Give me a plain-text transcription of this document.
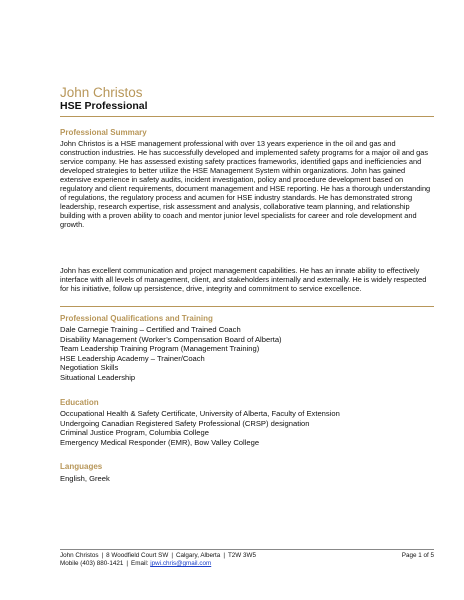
John Christos
HSE Professional
Professional Summary

John Christos is a HSE management professional with over 13 years experience in the oil and gas and construction industries. He has successfully developed and implemented safety programs for a major oil and gas service company. He has assessed existing safety practices frameworks, identified gaps and inefficiencies and developed strategies to better utilize the HSE Management System within organizations. John has gained extensive experience in safety audits, incident investigation, policy and procedure development based on regulatory and client requirements, document management and HSE reporting. He has a thorough understanding of regulations, the regulatory process and acumen for HSE industry standards. He has demonstrated strong leadership, research expertise, risk assessment and analysis, collaborative team planning, and relationship building with a proven ability to coach and mentor junior level specialists for career and role development and growth.

John has excellent communication and project management capabilities. He has an innate ability to effectively interface with all levels of management, client, and stakeholders internally and externally. He is widely respected for his initiative, follow up persistence, drive, integrity and commitment to service excellence.

Professional Qualifications and Training
Dale Carnegie Training – Certified and Trained Coach
Disability Management (Worker’s Compensation Board of Alberta)
Team Leadership Training Program (Management Training)
HSE Leadership Academy – Trainer/Coach
Negotiation Skills
Situational Leadership
Education
Occupational Health & Safety Certificate, University of Alberta, Faculty of Extension
Undergoing Canadian Registered Safety Professional (CRSP) designation
Criminal Justice Program, Columbia College
Emergency Medical Responder (EMR), Bow Valley College
Languages
English, Greek
John Christos | 8 Woodfield Court SW | Calgary, Alberta | T2W 3W5
Mobile (403) 880-1421 | Email: jpwi.chris@gmail.com
Page 1 of 5
